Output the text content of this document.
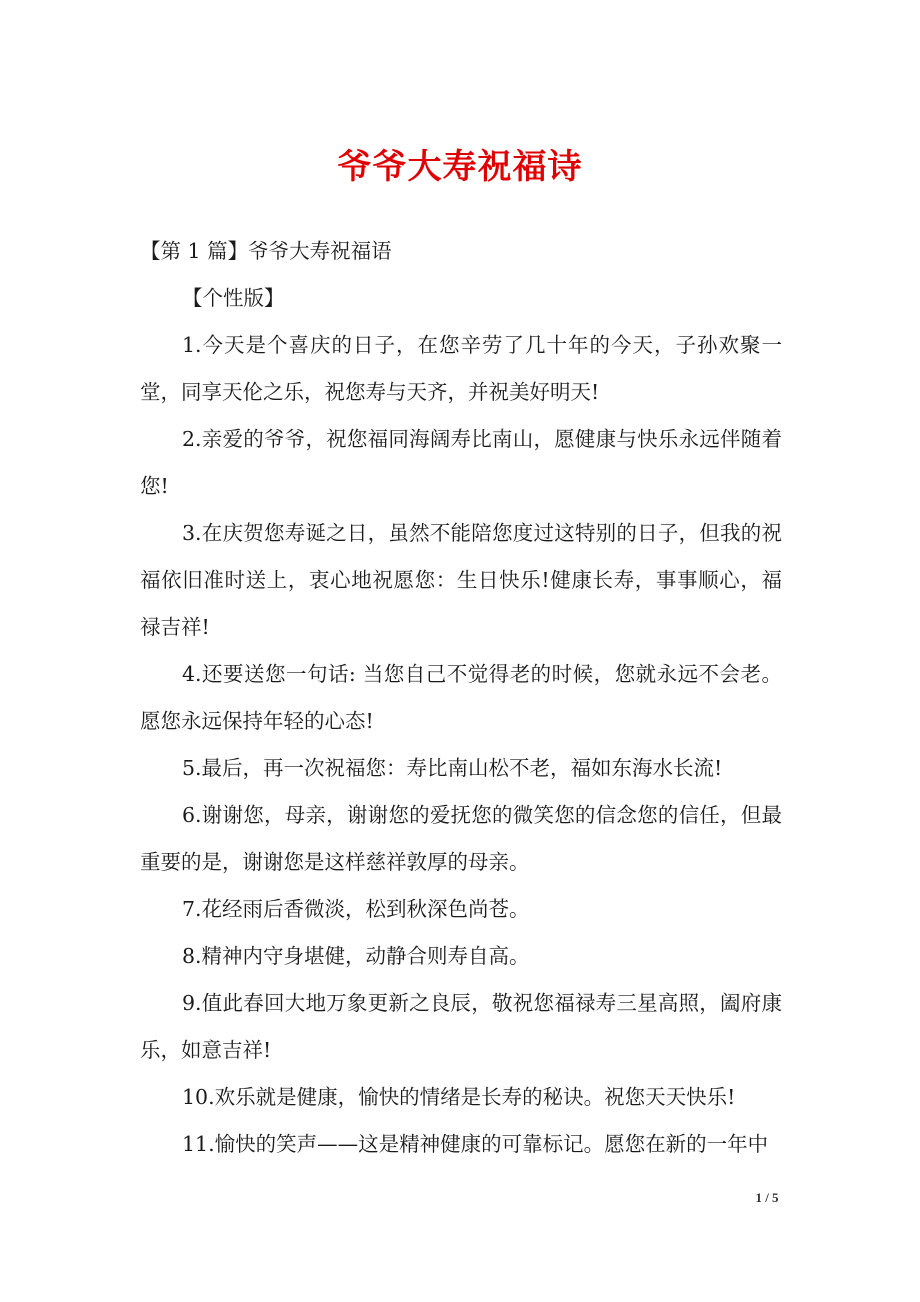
爷爷大寿祝福诗

【第 1 篇】爷爷大寿祝福语

【个性版】

1.今天是个喜庆的日子，在您辛劳了几十年的今天，子孙欢聚一堂，同享天伦之乐，祝您寿与天齐，并祝美好明天!

2.亲爱的爷爷，祝您福同海阔寿比南山，愿健康与快乐永远伴随着您!

3.在庆贺您寿诞之日，虽然不能陪您度过这特别的日子，但我的祝福依旧准时送上，衷心地祝愿您：生日快乐!健康长寿，事事顺心，福禄吉祥!

4.还要送您一句话: 当您自己不觉得老的时候，您就永远不会老。愿您永远保持年轻的心态!

5.最后，再一次祝福您：寿比南山松不老，福如东海水长流!

6.谢谢您，母亲，谢谢您的爱抚您的微笑您的信念您的信任，但最重要的是，谢谢您是这样慈祥敦厚的母亲。

7.花经雨后香微淡，松到秋深色尚苍。

8.精神内守身堪健，动静合则寿自高。

9.值此春回大地万象更新之良辰，敬祝您福禄寿三星高照，阖府康乐，如意吉祥!

10.欢乐就是健康，愉快的情绪是长寿的秘诀。祝您天天快乐!

11.愉快的笑声——这是精神健康的可靠标记。愿您在新的一年中

1 / 5
